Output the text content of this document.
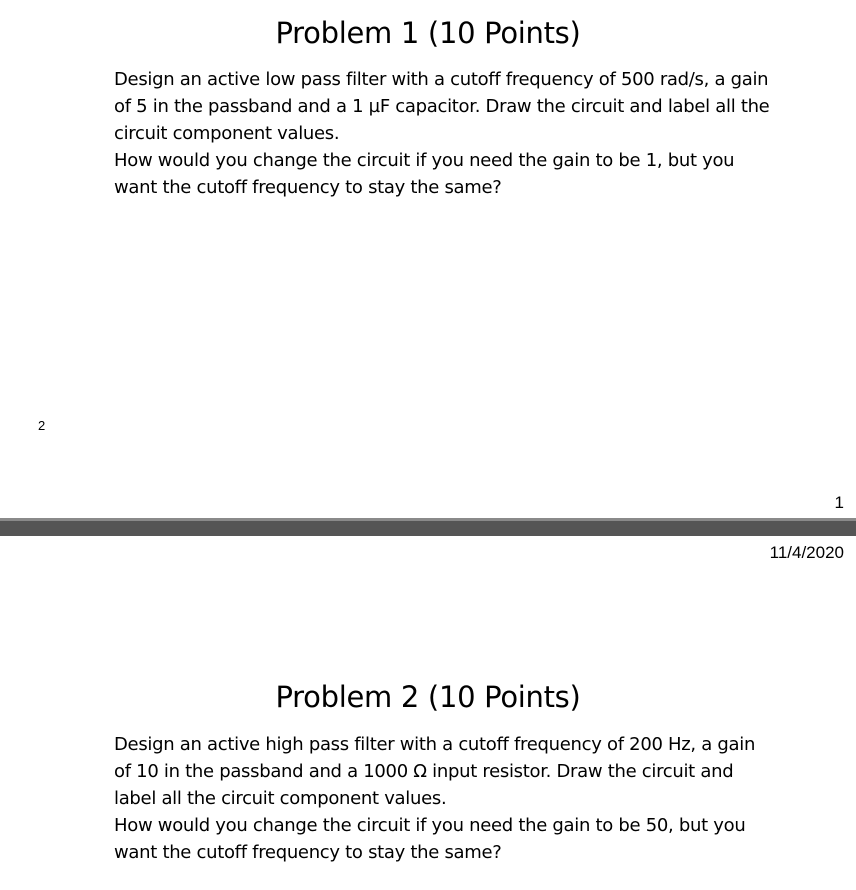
Problem 1 (10 Points)

Design an active low pass filter with a cutoff frequency of 500 rad/s, a gain of 5 in the passband and a 1 µF capacitor. Draw the circuit and label all the circuit component values.

How would you change the circuit if you need the gain to be 1, but you want the cutoff frequency to stay the same?

2
1
11/4/2020
Problem 2 (10 Points)

Design an active high pass filter with a cutoff frequency of 200 Hz, a gain of 10 in the passband and a 1000 Ω input resistor. Draw the circuit and label all the circuit component values.

How would you change the circuit if you need the gain to be 50, but you want the cutoff frequency to stay the same?
